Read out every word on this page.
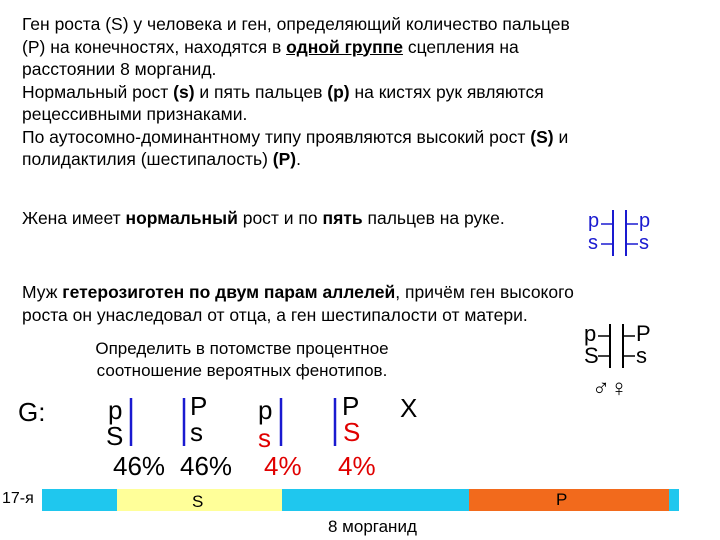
Ген роста (S) у человека и ген, определяющий количество пальцев
(P) на конечностях, находятся в одной группе сцепления на
расстоянии 8 морганид.
Нормальный рост (s) и пять пальцев (p) на кистях рук являются
рецессивными признаками.
По аутосомно-доминантному типу проявляются высокий рост (S) и
полидактилия (шестипалость) (P).
Жена имеет нормальный рост и по пять пальцев на руке.	p p
s s
Муж гетерозиготен по двум парам аллелей, причём ген высокого
роста он унаследовал от отца, а ген шестипалости от матери.
p P
S s
Определить в потомстве процентное
соотношение вероятных фенотипов.
♂♀
G: p
S
P
s
p
s
P
S
X
46% 46% 4% 4%
17-я	S	P
8 морганид
